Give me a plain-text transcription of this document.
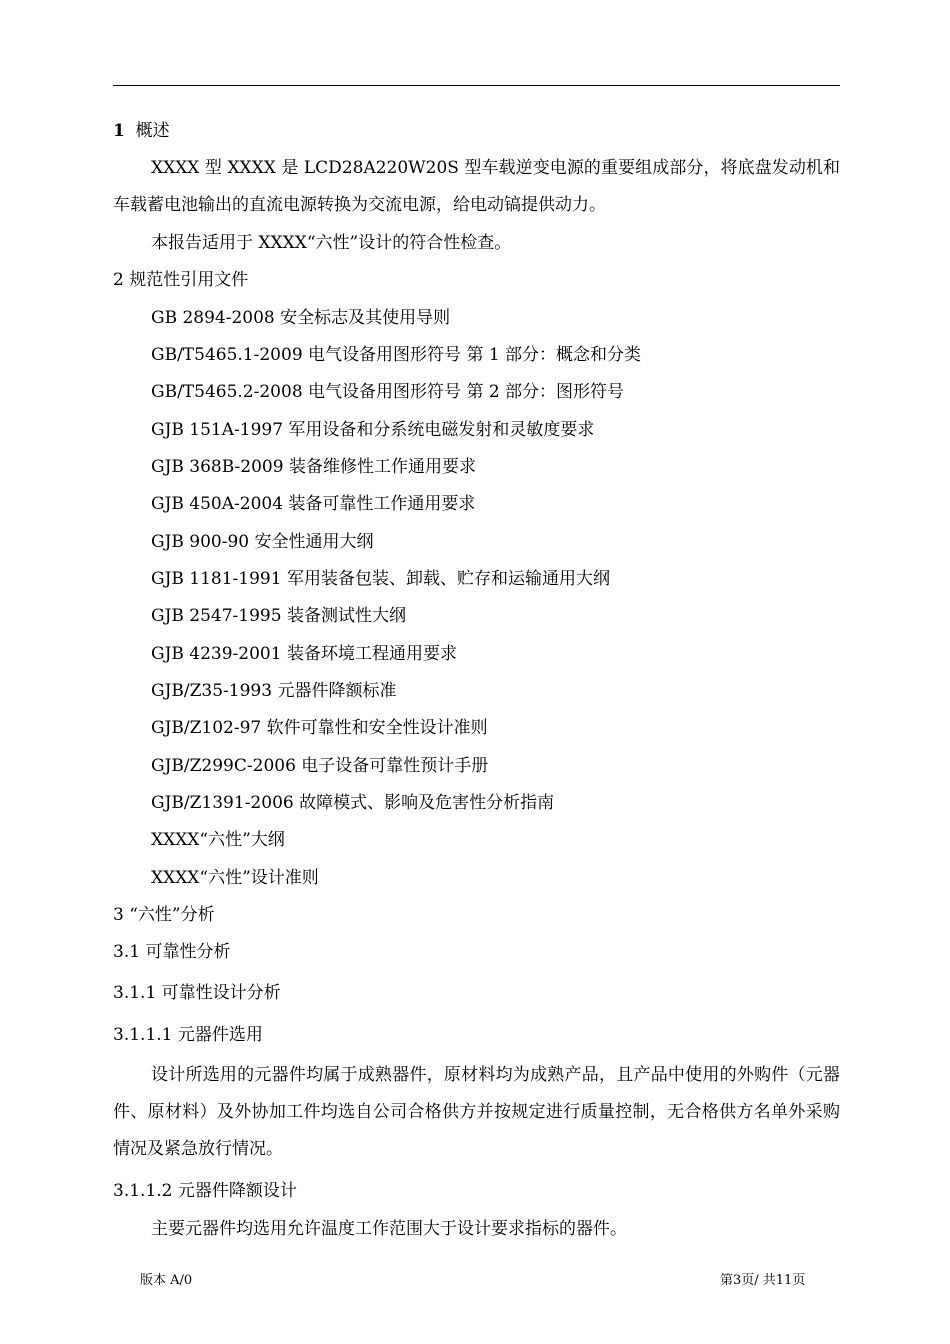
1 概述

XXXX 型 XXXX 是 LCD28A220W20S 型车载逆变电源的重要组成部分，将底盘发动机和车载蓄电池输出的直流电源转换为交流电源，给电动镐提供动力。

本报告适用于 XXXX“六性”设计的符合性检查。
2 规范性引用文件
GB 2894-2008 安全标志及其使用导则
GB/T5465.1-2009 电气设备用图形符号 第 1 部分：概念和分类
GB/T5465.2-2008 电气设备用图形符号 第 2 部分：图形符号
GJB 151A-1997 军用设备和分系统电磁发射和灵敏度要求
GJB 368B-2009 装备维修性工作通用要求
GJB 450A-2004 装备可靠性工作通用要求
GJB 900-90 安全性通用大纲
GJB 1181-1991 军用装备包装、卸载、贮存和运输通用大纲
GJB 2547-1995 装备测试性大纲
GJB 4239-2001 装备环境工程通用要求
GJB/Z35-1993 元器件降额标准
GJB/Z102-97 软件可靠性和安全性设计准则
GJB/Z299C-2006 电子设备可靠性预计手册
GJB/Z1391-2006 故障模式、影响及危害性分析指南
XXXX“六性”大纲
XXXX“六性”设计准则
3 “六性”分析
3.1 可靠性分析
3.1.1 可靠性设计分析
3.1.1.1 元器件选用

设计所选用的元器件均属于成熟器件，原材料均为成熟产品，且产品中使用的外购件（元器件、原材料）及外协加工件均选自公司合格供方并按规定进行质量控制，无合格供方名单外采购情况及紧急放行情况。

3.1.1.2 元器件降额设计
主要元器件均选用允许温度工作范围大于设计要求指标的器件。
版本 A/0	第3页/ 共11页
